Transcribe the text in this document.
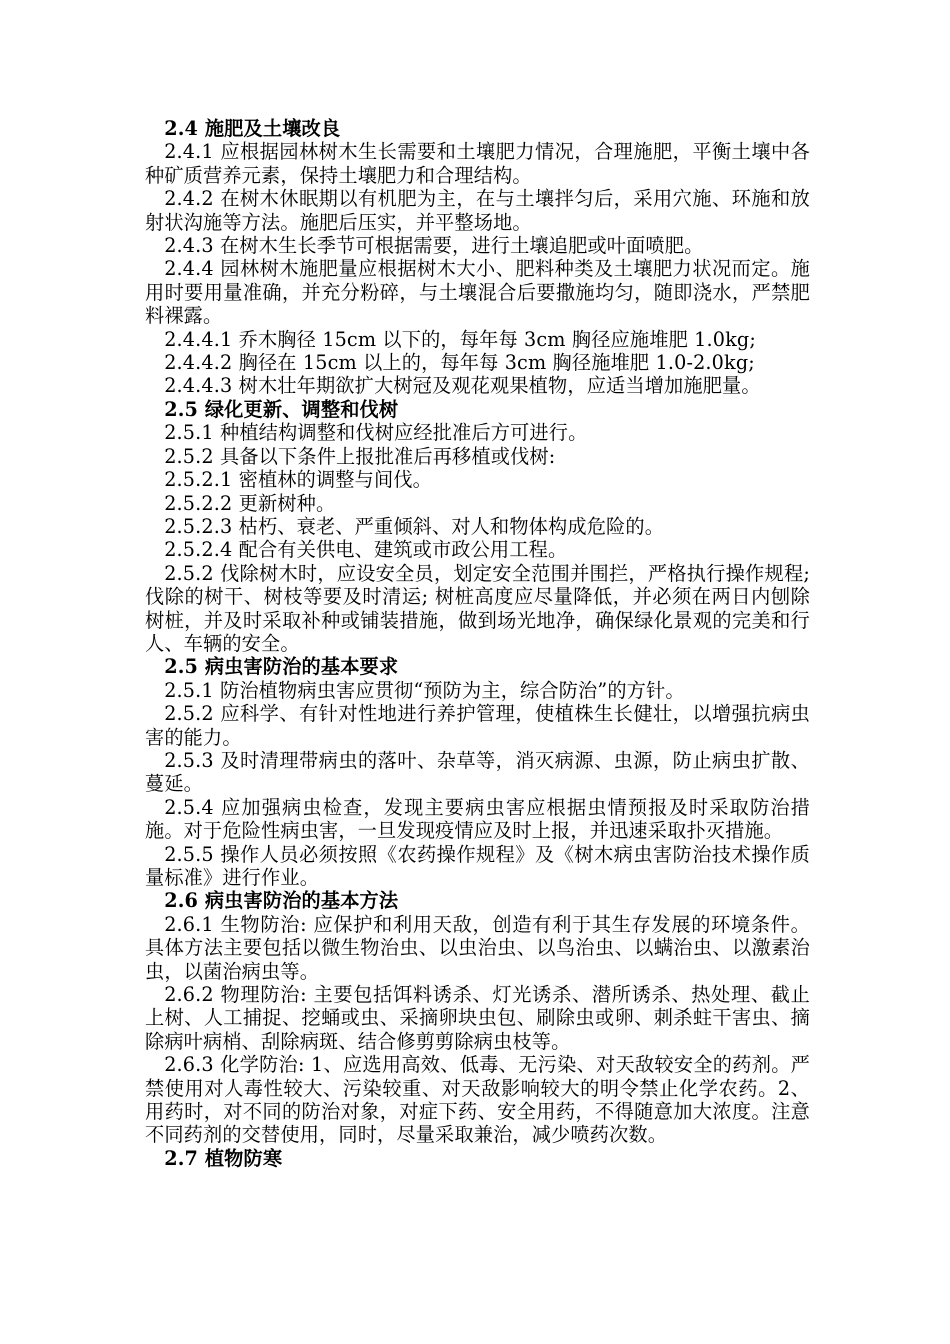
2.4 施肥及土壤改良

2.4.1 应根据园林树木生长需要和土壤肥力情况，合理施肥，平衡土壤中各种矿质营养元素，保持土壤肥力和合理结构。

2.4.2 在树木休眠期以有机肥为主，在与土壤拌匀后，采用穴施、环施和放射状沟施等方法。施肥后压实，并平整场地。

2.4.3 在树木生长季节可根据需要，进行土壤追肥或叶面喷肥。

2.4.4 园林树木施肥量应根据树木大小、肥料种类及土壤肥力状况而定。施用时要用量准确，并充分粉碎，与土壤混合后要撒施均匀，随即浇水，严禁肥料裸露。

2.4.4.1 乔木胸径 15cm 以下的，每年每 3cm 胸径应施堆肥 1.0kg;

2.4.4.2 胸径在 15cm 以上的，每年每 3cm 胸径施堆肥 1.0-2.0kg;

2.4.4.3 树木壮年期欲扩大树冠及观花观果植物，应适当增加施肥量。

2.5 绿化更新、调整和伐树

2.5.1 种植结构调整和伐树应经批准后方可进行。

2.5.2 具备以下条件上报批准后再移植或伐树:

2.5.2.1 密植林的调整与间伐。

2.5.2.2 更新树种。

2.5.2.3 枯朽、衰老、严重倾斜、对人和物体构成危险的。

2.5.2.4 配合有关供电、建筑或市政公用工程。

2.5.2 伐除树木时，应设安全员，划定安全范围并围拦，严格执行操作规程; 伐除的树干、树枝等要及时清运; 树桩高度应尽量降低，并必须在两日内刨除树桩，并及时采取补种或铺装措施，做到场光地净，确保绿化景观的完美和行人、车辆的安全。

2.5 病虫害防治的基本要求

2.5.1 防治植物病虫害应贯彻“预防为主，综合防治”的方针。

2.5.2 应科学、有针对性地进行养护管理，使植株生长健壮，以增强抗病虫害的能力。

2.5.3 及时清理带病虫的落叶、杂草等，消灭病源、虫源，防止病虫扩散、蔓延。

2.5.4 应加强病虫检查，发现主要病虫害应根据虫情预报及时采取防治措施。对于危险性病虫害，一旦发现疫情应及时上报，并迅速采取扑灭措施。

2.5.5 操作人员必须按照《农药操作规程》及《树木病虫害防治技术操作质量标准》进行作业。

2.6 病虫害防治的基本方法

2.6.1 生物防治: 应保护和利用天敌，创造有利于其生存发展的环境条件。具体方法主要包括以微生物治虫、以虫治虫、以鸟治虫、以螨治虫、以激素治虫，以菌治病虫等。

2.6.2 物理防治: 主要包括饵料诱杀、灯光诱杀、潜所诱杀、热处理、截止上树、人工捕捉、挖蛹或虫、采摘卵块虫包、刷除虫或卵、刺杀蛀干害虫、摘除病叶病梢、刮除病斑、结合修剪剪除病虫枝等。

2.6.3 化学防治: 1、应选用高效、低毒、无污染、对天敌较安全的药剂。严禁使用对人毒性较大、污染较重、对天敌影响较大的明令禁止化学农药。2、用药时，对不同的防治对象，对症下药、安全用药，不得随意加大浓度。注意不同药剂的交替使用，同时，尽量采取兼治，减少喷药次数。

2.7 植物防寒
